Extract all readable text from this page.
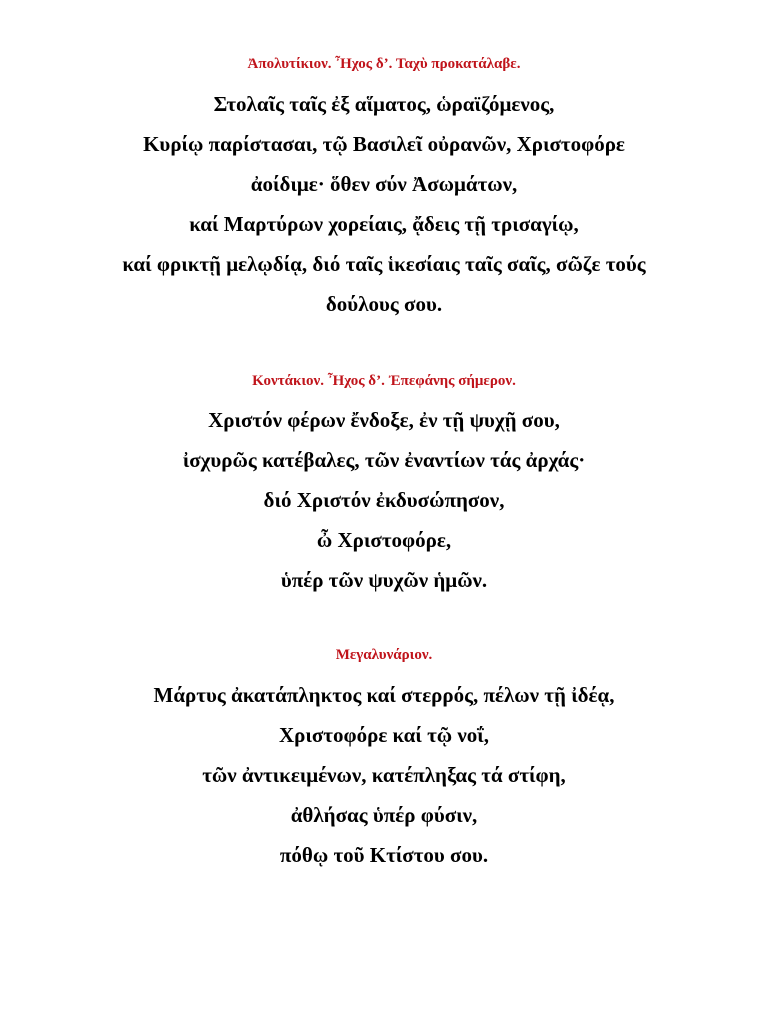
Ἀπολυτίκιον. Ἦχος δ’. Ταχὺ προκατάλαβε.

Στολαῖς ταῖς ἐξ αἵματος, ὡραϊζόμενος,

Κυρίῳ παρίστασαι, τῷ Βασιλεῖ οὐρανῶν, Χριστοφόρε

ἀοίδιμε· ὅθεν σύν Ἀσωμάτων,

καί Μαρτύρων χορείαις, ᾄδεις τῇ τρισαγίῳ,

καί φρικτῇ μελῳδίᾳ, διό ταῖς ἱκεσίαις ταῖς σαῖς, σῶζε τούς

δούλους σου.

Κοντάκιον. Ἦχος δ’. Ἐπεφάνης σήμερον.

Χριστόν φέρων ἔνδοξε, ἐν τῇ ψυχῇ σου,

ἰσχυρῶς κατέβαλες, τῶν ἐναντίων τάς ἀρχάς·

διό Χριστόν ἐκδυσώπησον,

ὦ Χριστοφόρε,

ὑπέρ τῶν ψυχῶν ἡμῶν.

Μεγαλυνάριον.

Μάρτυς ἀκατάπληκτος καί στερρός, πέλων τῇ ἰδέᾳ,

Χριστοφόρε καί τῷ νοΐ,

τῶν ἀντικειμένων, κατέπληξας τά στίφη,

ἀθλήσας ὑπέρ φύσιν,

πόθῳ τοῦ Κτίστου σου.
